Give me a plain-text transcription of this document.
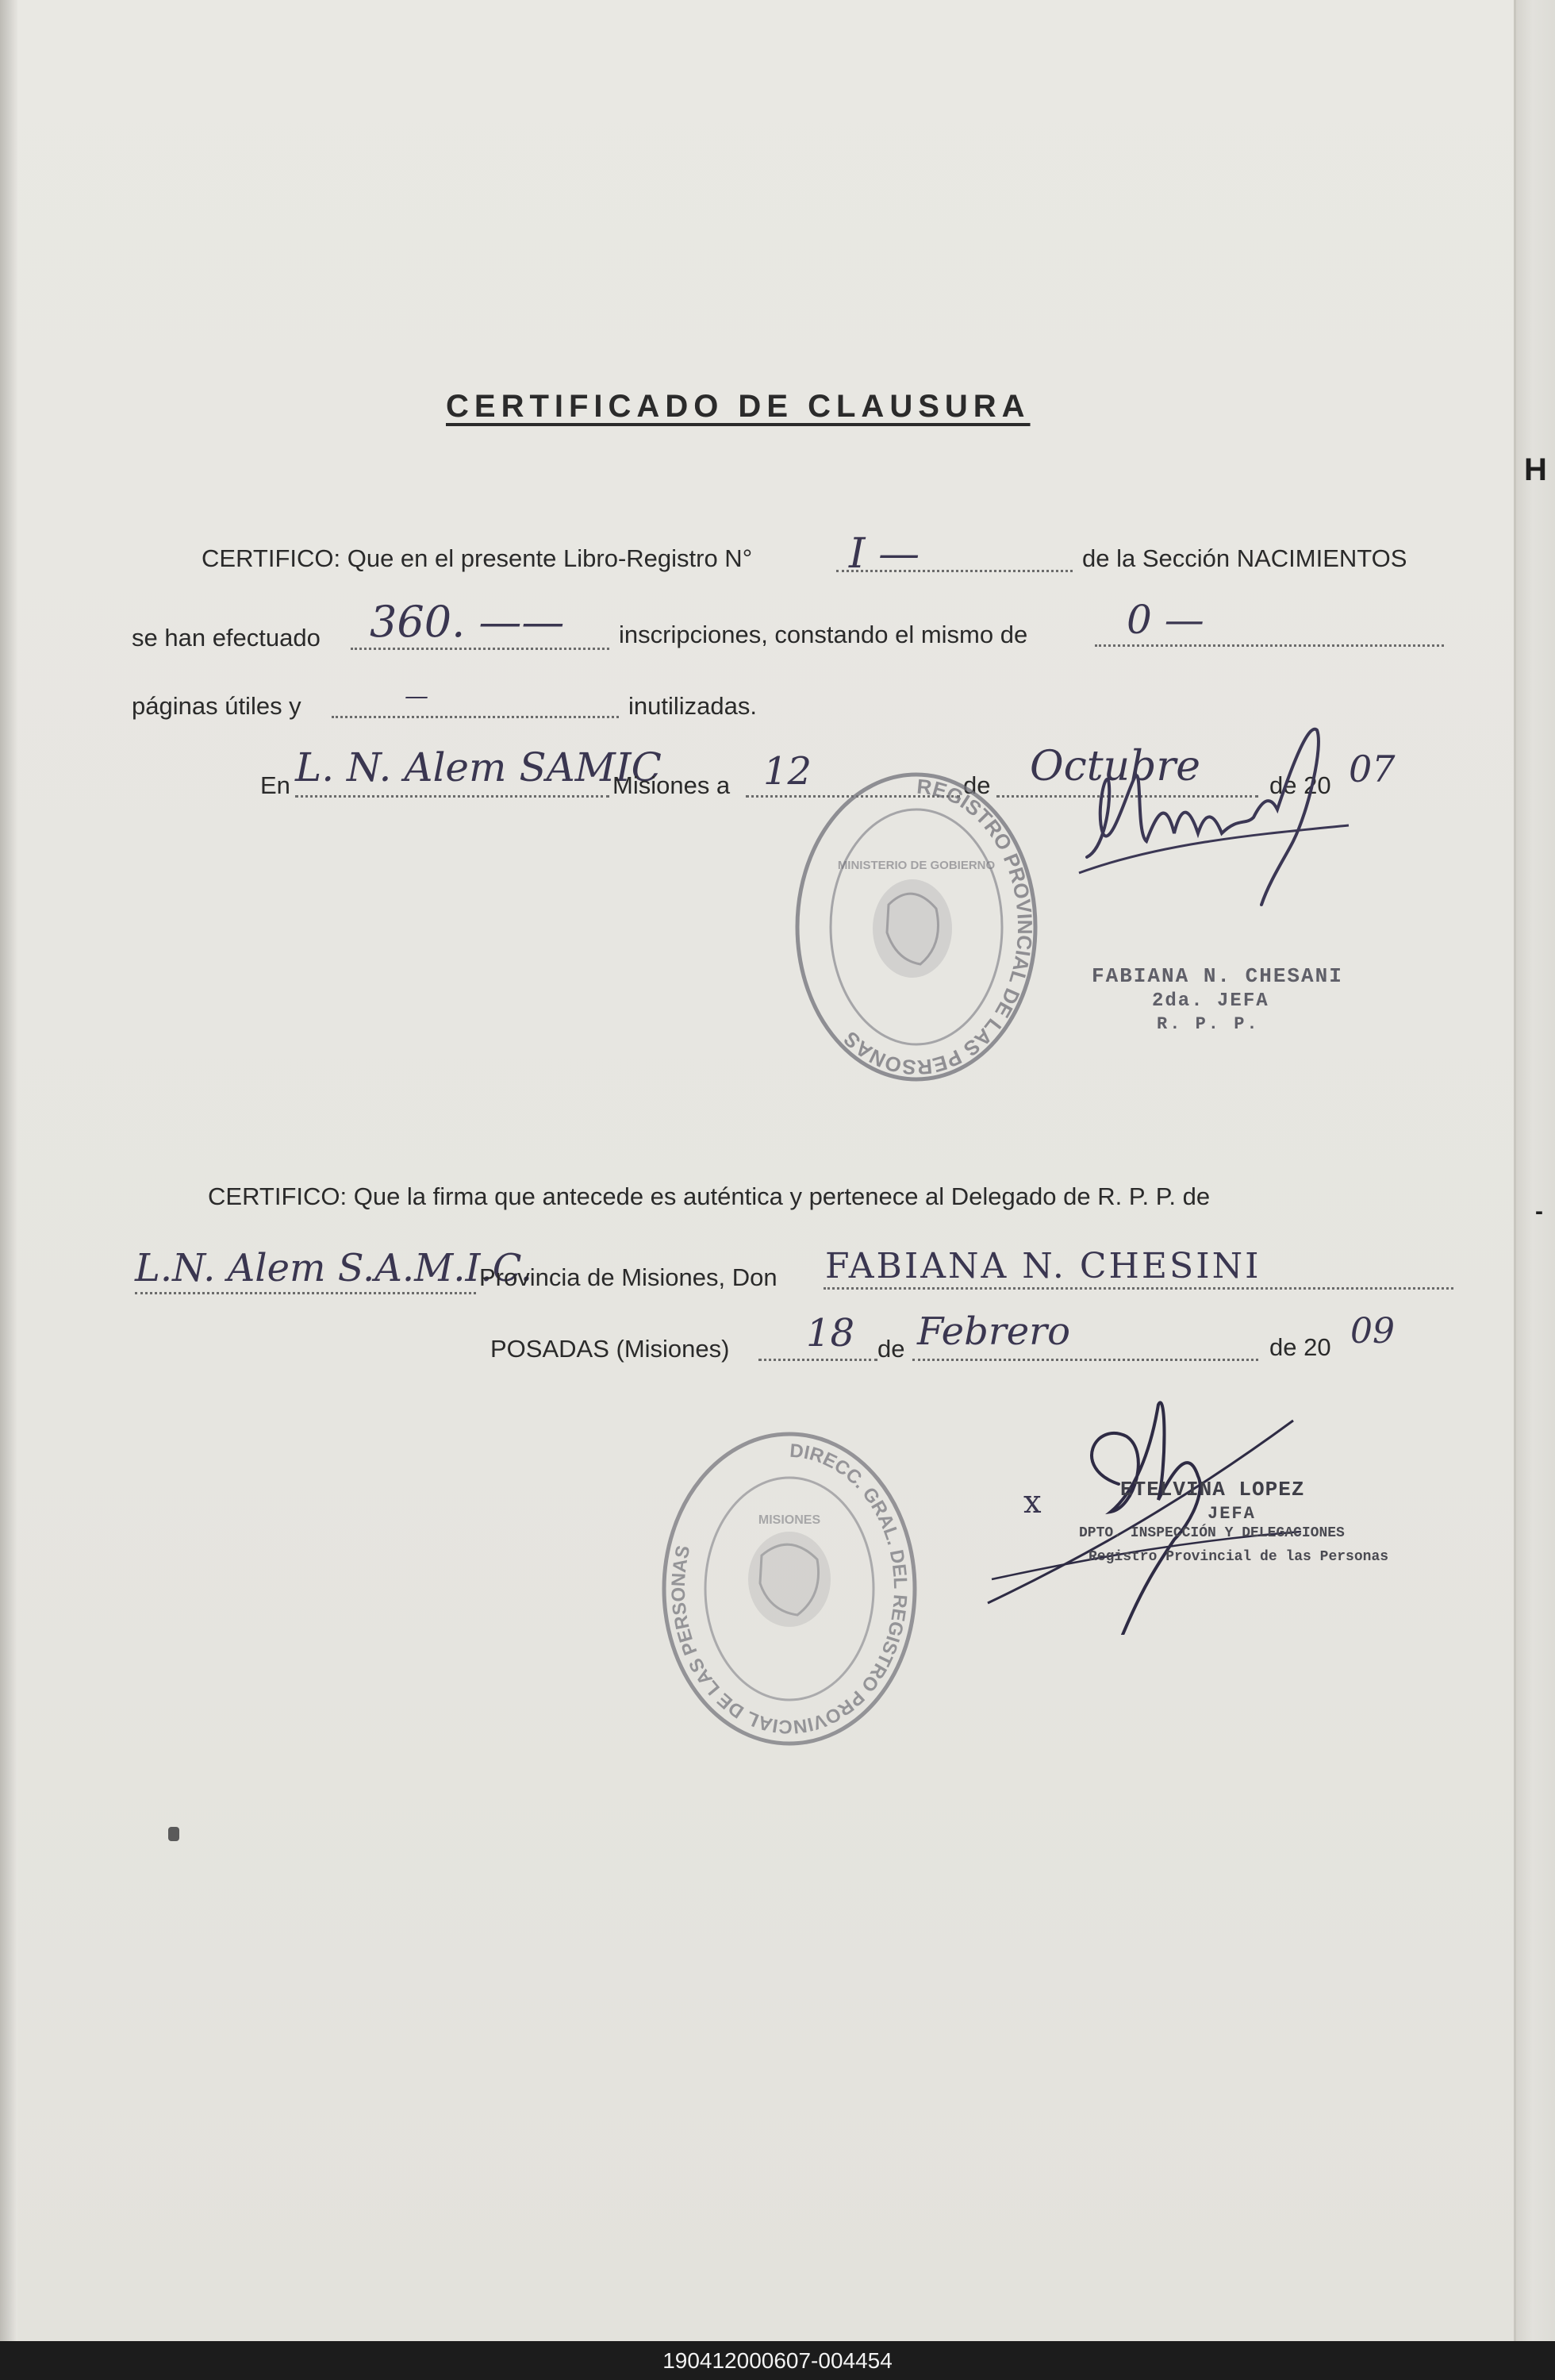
H
-
CERTIFICADO DE CLAUSURA
CERTIFICO: Que en el presente Libro-Registro N° I —	de la Sección NACIMIENTOS
se han efectuado 360. —— inscripciones, constando el mismo de 0 —
páginas útiles y	—	inutilizadas.
En L. N. Alem SAMIC
Misiones a 12	de Octubre	de 20 07
REGISTRO PROVINCIAL DE LAS PERSONAS
MINISTERIO DE GOBIERNO
FABIANA N. CHESANI
2da. JEFA
R. P. P.
CERTIFICO: Que la firma que antecede es auténtica y pertenece al Delegado de R. P. P. de
L.N. Alem S.A.M.I.C.
Provincia de Misiones, Don FABIANA N. CHESINI
POSADAS (Misiones) 18 de Febrero	de 20 09
DIRECC. GRAL. DEL REGISTRO PROVINCIAL DE LAS PERSONAS
MISIONES	x	ETELVINA LOPEZ
JEFA
DPTO. INSPECCIÓN Y DELEGACIONES
Registro Provincial de las Personas
190412000607-004454
